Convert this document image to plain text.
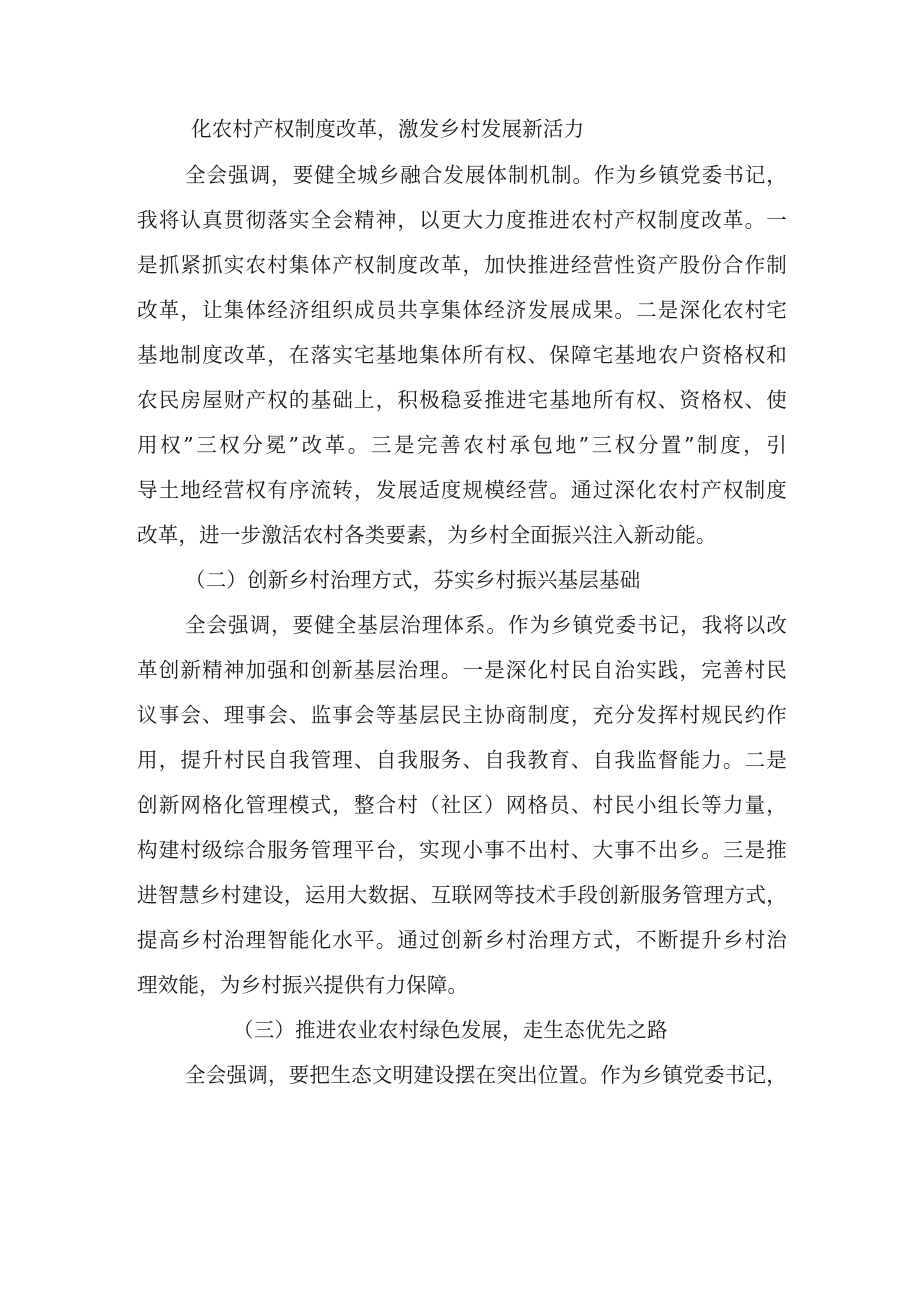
化农村产权制度改革，激发乡村发展新活力
全会强调，要健全城乡融合发展体制机制。作为乡镇党委书记，
我将认真贯彻落实全会精神，以更大力度推进农村产权制度改革。一
是抓紧抓实农村集体产权制度改革，加快推进经营性资产股份合作制
改革，让集体经济组织成员共享集体经济发展成果。二是深化农村宅
基地制度改革，在落实宅基地集体所有权、保障宅基地农户资格权和
农民房屋财产权的基础上，积极稳妥推进宅基地所有权、资格权、使
用权”三权分冕”改革。三是完善农村承包地”三权分置”制度，引
导土地经营权有序流转，发展适度规模经营。通过深化农村产权制度
改革，进一步激活农村各类要素，为乡村全面振兴注入新动能。
（二）创新乡村治理方式，芬实乡村振兴基层基础
全会强调，要健全基层治理体系。作为乡镇党委书记，我将以改
革创新精神加强和创新基层治理。一是深化村民自治实践，完善村民
议事会、理事会、监事会等基层民主协商制度，充分发挥村规民约作
用，提升村民自我管理、自我服务、自我教育、自我监督能力。二是
创新网格化管理模式，整合村（社区）网格员、村民小组长等力量，
构建村级综合服务管理平台，实现小事不出村、大事不出乡。三是推
进智慧乡村建设，运用大数据、互联网等技术手段创新服务管理方式，
提高乡村治理智能化水平。通过创新乡村治理方式，不断提升乡村治
理效能，为乡村振兴提供有力保障。
（三）推进农业农村绿色发展，走生态优先之路
全会强调，要把生态文明建设摆在突出位置。作为乡镇党委书记，
